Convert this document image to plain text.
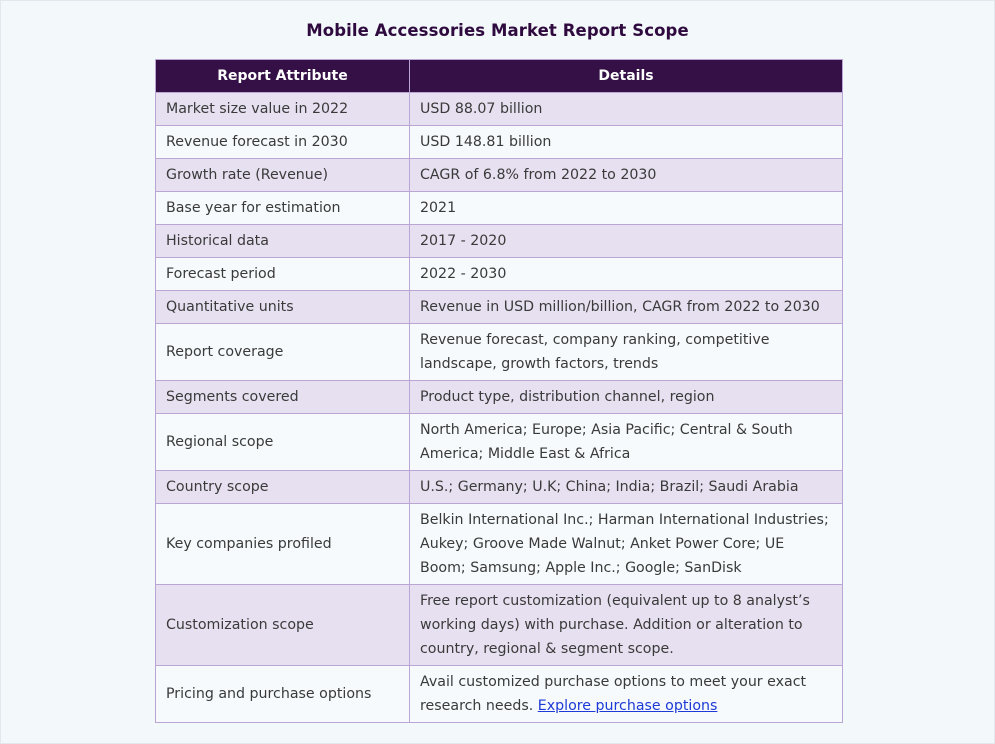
Mobile Accessories Market Report Scope
Report Attribute	Details
Market size value in 2022	USD 88.07 billion
Revenue forecast in 2030	USD 148.81 billion
Growth rate (Revenue)	CAGR of 6.8% from 2022 to 2030
Base year for estimation	2021
Historical data	2017 - 2020
Forecast period	2022 - 2030
Quantitative units	Revenue in USD million/billion, CAGR from 2022 to 2030
Report coverage	Revenue forecast, company ranking, competitive landscape, growth factors, trends
Segments covered	Product type, distribution channel, region
Regional scope	North America; Europe; Asia Pacific; Central & South America; Middle East & Africa
Country scope	U.S.; Germany; U.K; China; India; Brazil; Saudi Arabia
Key companies profiled	Belkin International Inc.; Harman International Industries; Aukey; Groove Made Walnut; Anket Power Core; UE Boom; Samsung; Apple Inc.; Google; SanDisk
Customization scope	Free report customization (equivalent up to 8 analyst’s working days) with purchase. Addition or alteration to country, regional & segment scope.
Pricing and purchase options	Avail customized purchase options to meet your exact research needs. Explore purchase options
